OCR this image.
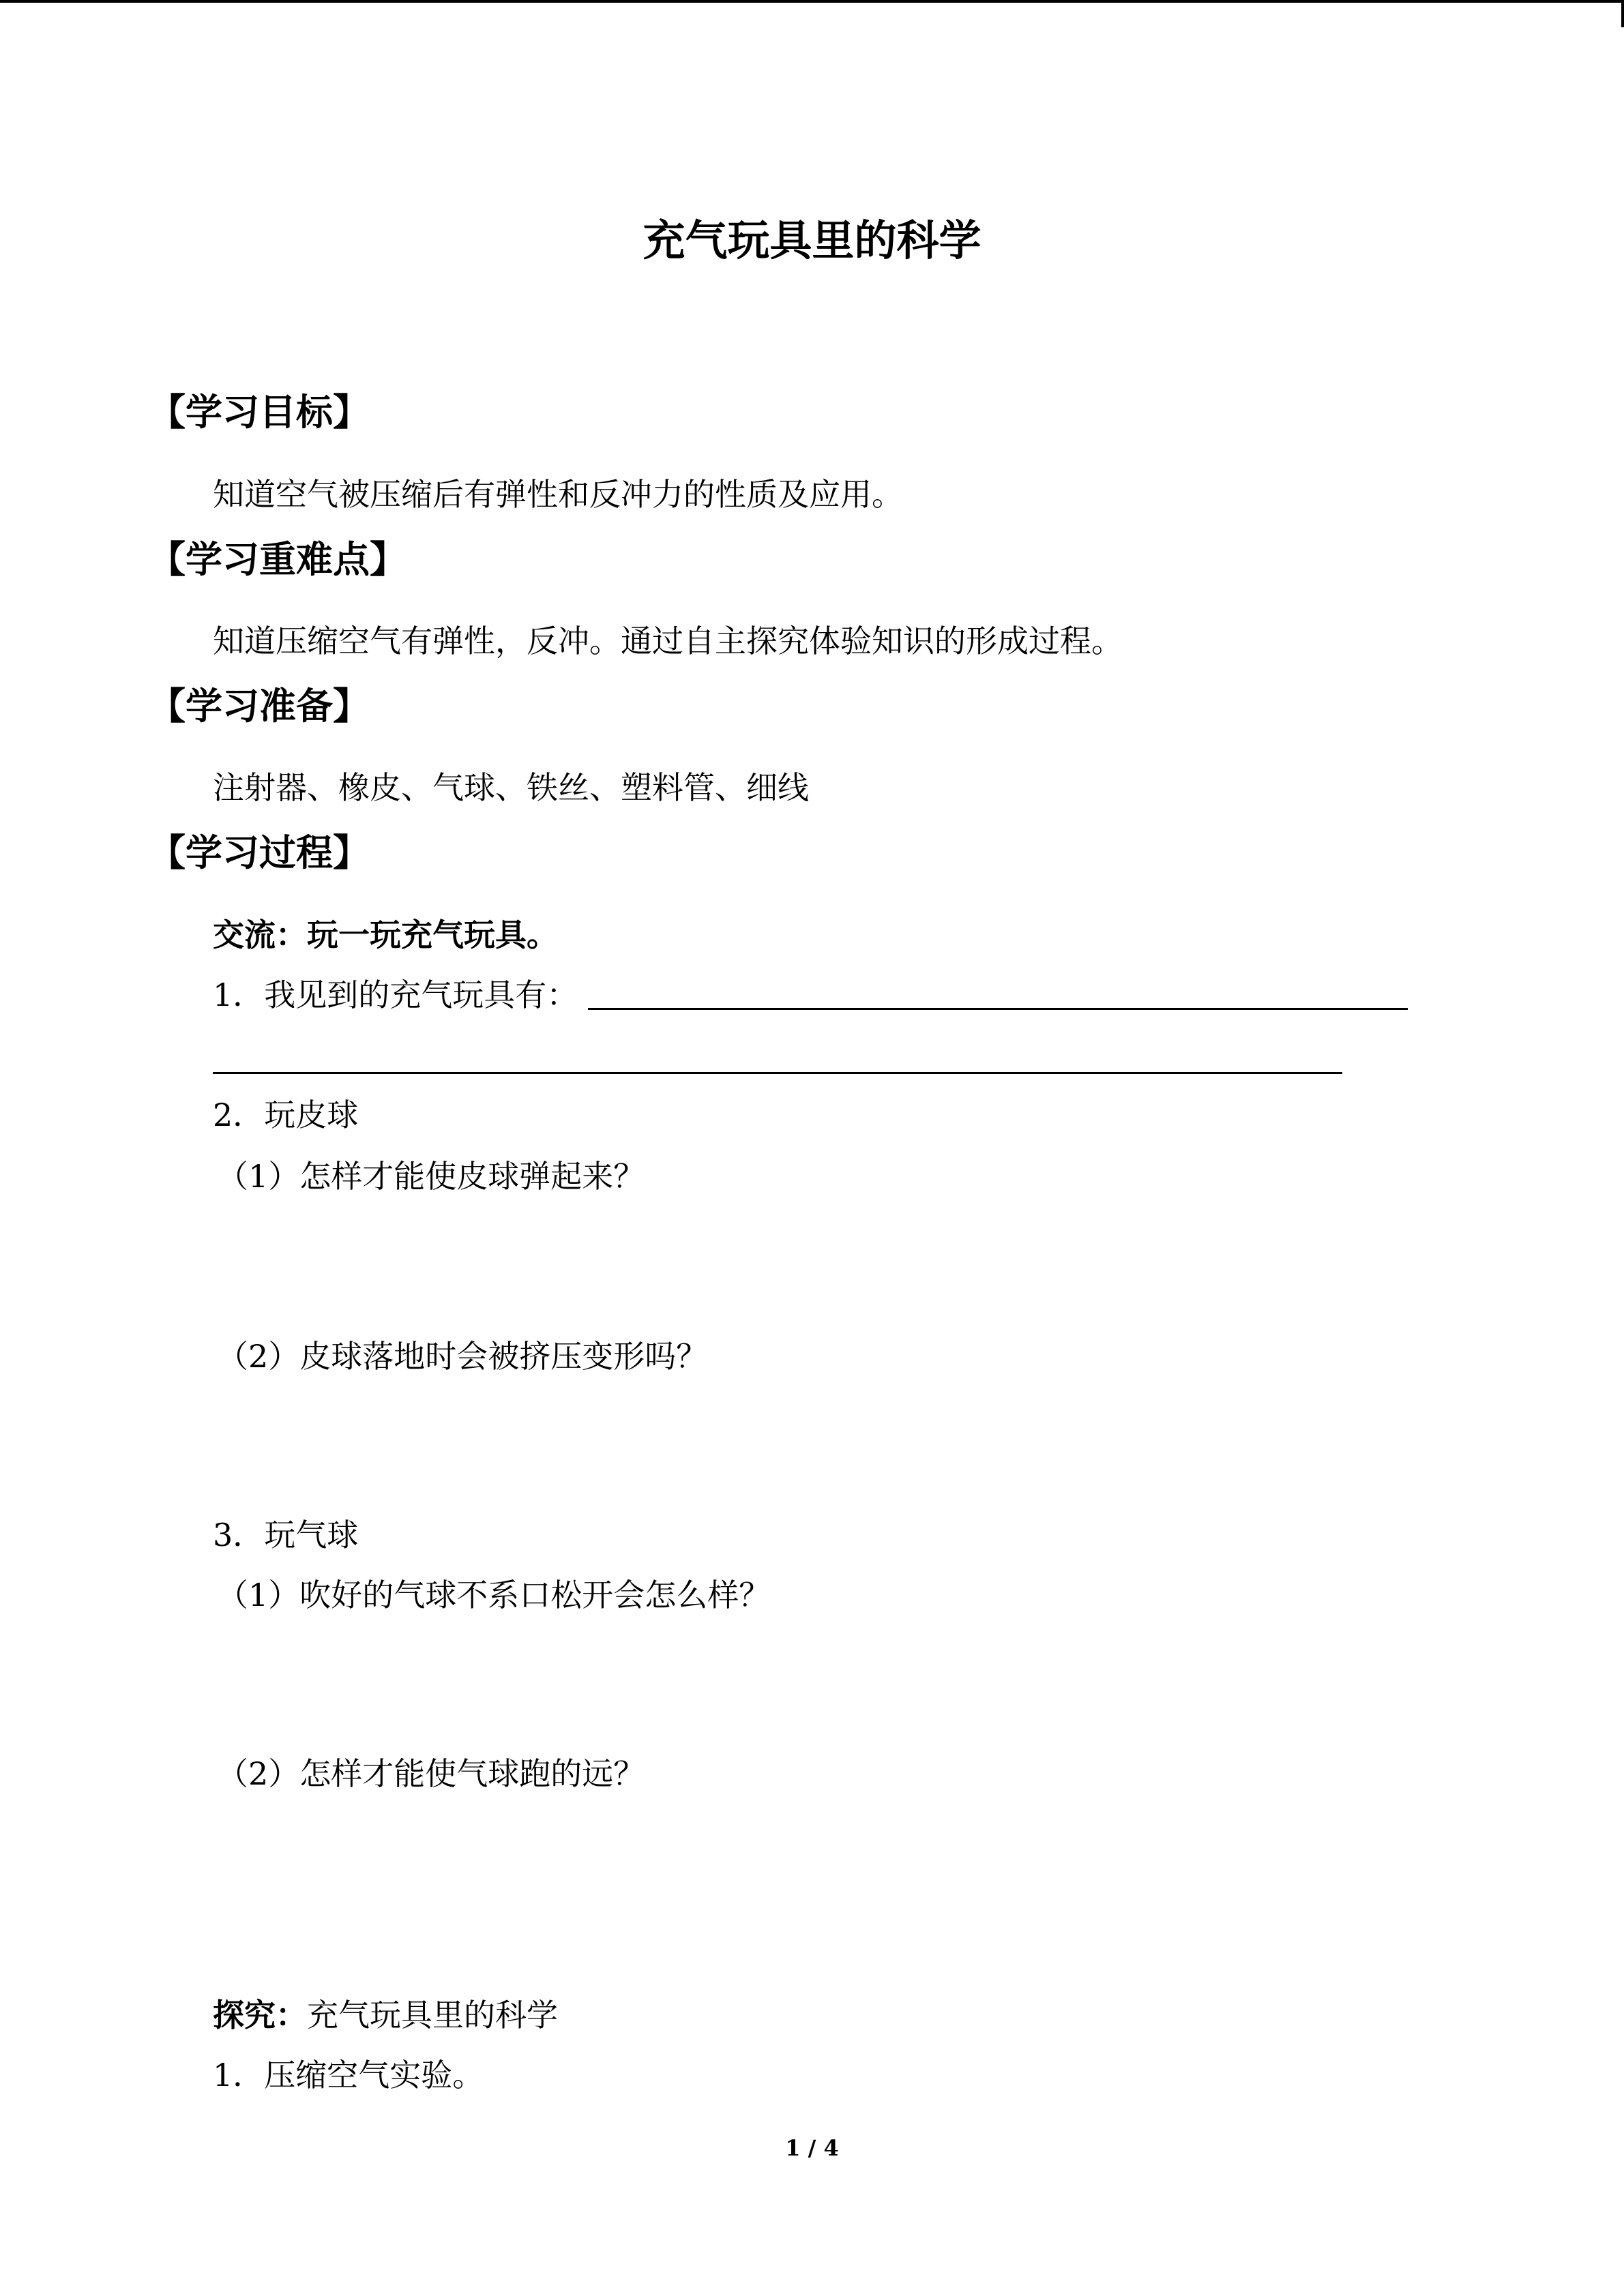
充气玩具里的科学
【学习目标】
知道空气被压缩后有弹性和反冲力的性质及应用。
【学习重难点】
知道压缩空气有弹性，反冲。通过自主探究体验知识的形成过程。
【学习准备】
注射器、橡皮、气球、铁丝、塑料管、细线
【学习过程】
交流：玩一玩充气玩具。
1．我见到的充气玩具有：
2．玩皮球
（1）怎样才能使皮球弹起来？
（2）皮球落地时会被挤压变形吗？
3．玩气球
（1）吹好的气球不系口松开会怎么样？
（2）怎样才能使气球跑的远？
探究：充气玩具里的科学
1．压缩空气实验。
1 / 4
